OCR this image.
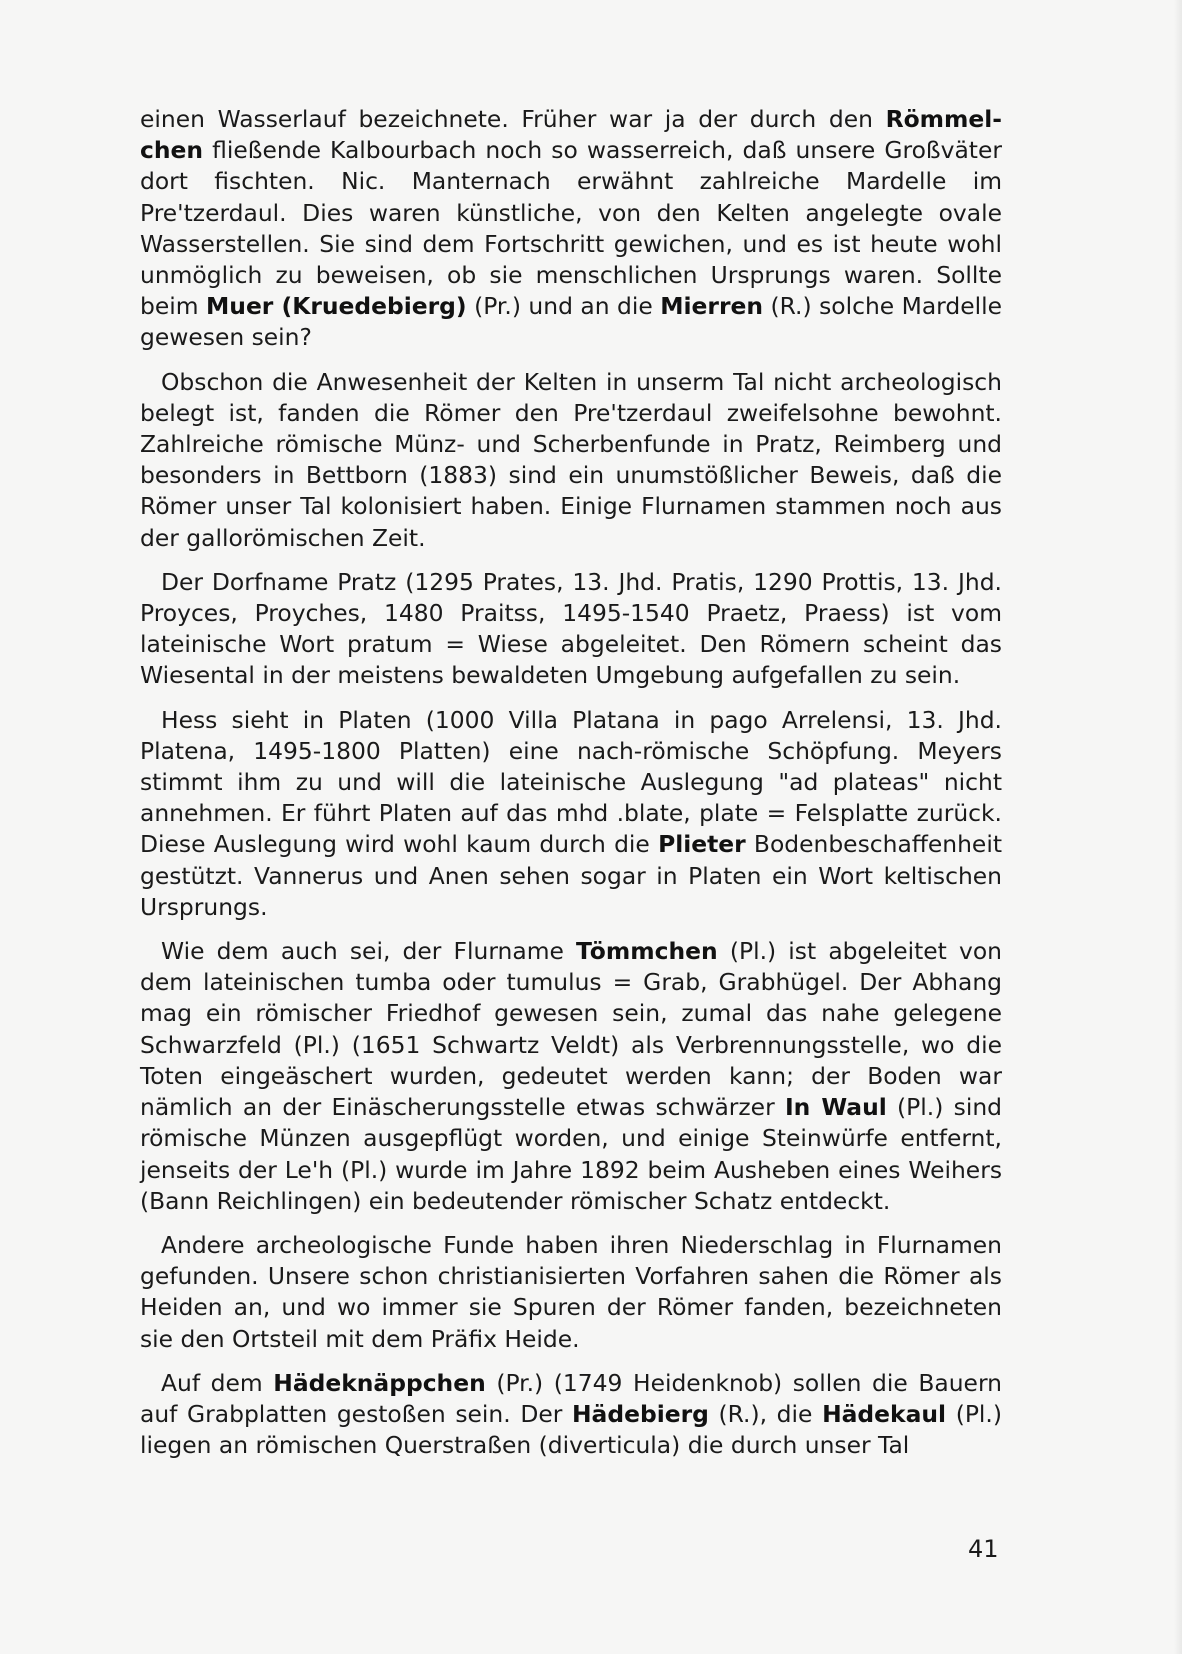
einen Wasserlauf bezeichnete. Früher war ja der durch den Römmelchen fließende Kalbourbach noch so wasserreich, daß unsere Großväter dort fischten. Nic. Manternach erwähnt zahlreiche Mardelle im Pre'tzerdaul. Dies waren künstliche, von den Kelten angelegte ovale Wasserstellen. Sie sind dem Fortschritt gewichen, und es ist heute wohl unmöglich zu beweisen, ob sie menschlichen Ursprungs waren. Sollte beim Muer (Kruedebierg) (Pr.) und an die Mierren (R.) solche Mardelle gewesen sein?

Obschon die Anwesenheit der Kelten in unserm Tal nicht archeologisch belegt ist, fanden die Römer den Pre'tzerdaul zweifelsohne bewohnt. Zahlreiche römische Münz- und Scherbenfunde in Pratz, Reimberg und besonders in Bettborn (1883) sind ein unumstößlicher Beweis, daß die Römer unser Tal kolonisiert haben. Einige Flurnamen stammen noch aus der gallorömischen Zeit.

Der Dorfname Pratz (1295 Prates, 13. Jhd. Pratis, 1290 Prottis, 13. Jhd. Proyces, Proyches, 1480 Praitss, 1495-1540 Praetz, Praess) ist vom lateinische Wort pratum = Wiese abgeleitet. Den Römern scheint das Wiesental in der meistens bewaldeten Umgebung aufgefallen zu sein.

Hess sieht in Platen (1000 Villa Platana in pago Arrelensi, 13. Jhd. Platena, 1495-1800 Platten) eine nach-römische Schöpfung. Meyers stimmt ihm zu und will die lateinische Auslegung "ad plateas" nicht annehmen. Er führt Platen auf das mhd .blate, plate = Felsplatte zurück. Diese Auslegung wird wohl kaum durch die Plieter Bodenbeschaffenheit gestützt. Vannerus und Anen sehen sogar in Platen ein Wort keltischen Ursprungs.

Wie dem auch sei, der Flurname Tömmchen (Pl.) ist abgeleitet von dem lateinischen tumba oder tumulus = Grab, Grabhügel. Der Abhang mag ein römischer Friedhof gewesen sein, zumal das nahe gelegene Schwarzfeld (Pl.) (1651 Schwartz Veldt) als Verbrennungsstelle, wo die Toten eingeäschert wurden, gedeutet werden kann; der Boden war nämlich an der Einäscherungsstelle etwas schwärzer In Waul (Pl.) sind römische Münzen ausgepflügt worden, und einige Steinwürfe entfernt, jenseits der Le'h (Pl.) wurde im Jahre 1892 beim Ausheben eines Weihers (Bann Reichlingen) ein bedeutender römischer Schatz entdeckt.

Andere archeologische Funde haben ihren Niederschlag in Flurnamen gefunden. Unsere schon christianisierten Vorfahren sahen die Römer als Heiden an, und wo immer sie Spuren der Römer fanden, bezeichneten sie den Ortsteil mit dem Präfix Heide.

Auf dem Hädeknäppchen (Pr.) (1749 Heidenknob) sollen die Bauern auf Grabplatten gestoßen sein. Der Hädebierg (R.), die Hädekaul (Pl.) liegen an römischen Querstraßen (diverticula) die durch unser Tal

41
